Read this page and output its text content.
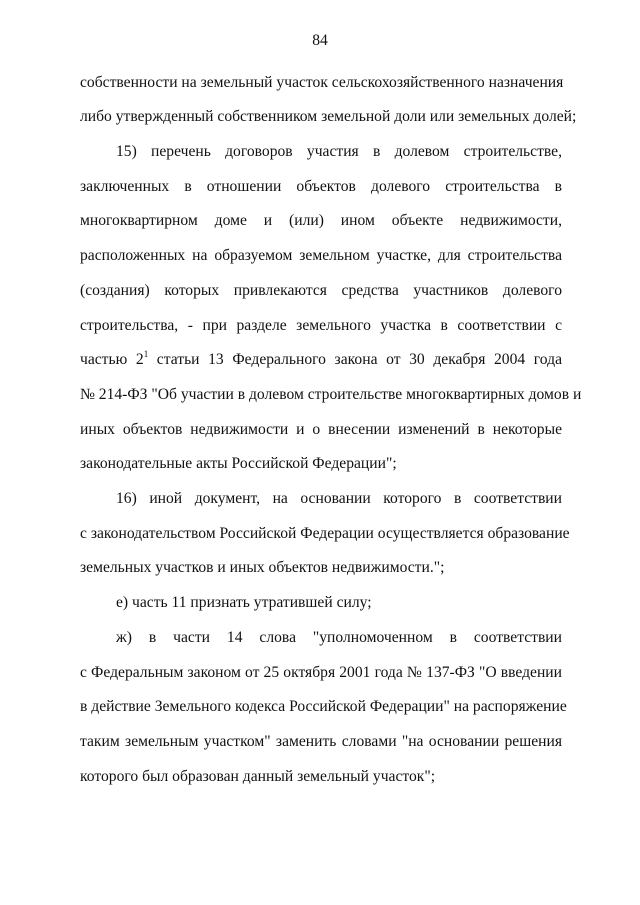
84
собственности на земельный участок сельскохозяйственного назначения
либо утвержденный собственником земельной доли или земельных долей;
15) перечень договоров участия в долевом строительстве,
заключенных в отношении объектов долевого строительства в
многоквартирном доме и (или) ином объекте недвижимости,
расположенных на образуемом земельном участке, для строительства
(создания) которых привлекаются средства участников долевого
строительства, - при разделе земельного участка в соответствии с
частью $2^1$ статьи 13 Федерального закона от 30 декабря 2004 года
№ 214-ФЗ "Об участии в долевом строительстве многоквартирных домов и
иных объектов недвижимости и о внесении изменений в некоторые
законодательные акты Российской Федерации";
16) иной документ, на основании которого в соответствии
с законодательством Российской Федерации осуществляется образование
земельных участков и иных объектов недвижимости.";
е) часть 11 признать утратившей силу;
ж) в части 14 слова "уполномоченном в соответствии
с Федеральным законом от 25 октября 2001 года № 137-ФЗ "О введении
в действие Земельного кодекса Российской Федерации" на распоряжение
таким земельным участком" заменить словами "на основании решения
которого был образован данный земельный участок";
